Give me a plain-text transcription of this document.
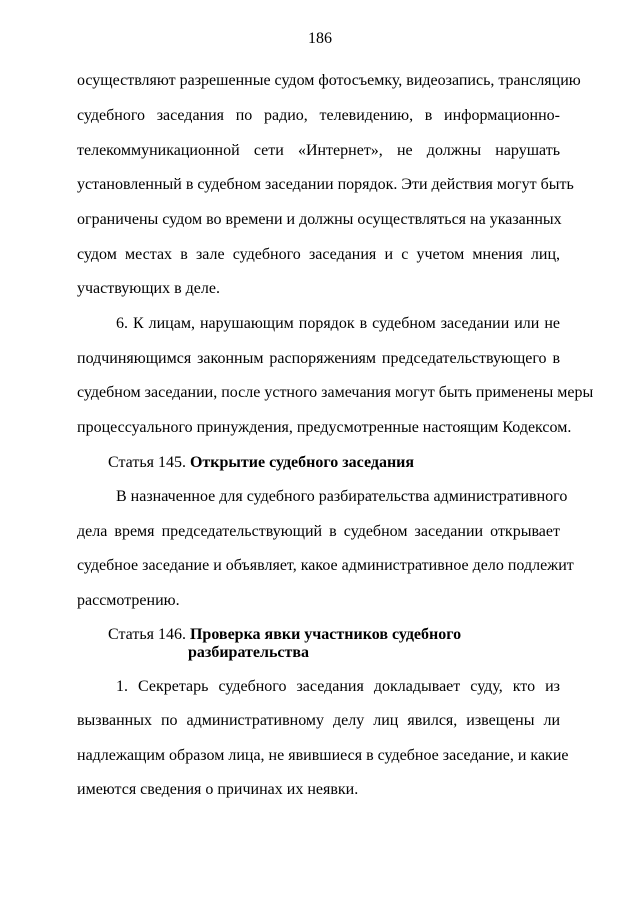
186
осуществляют разрешенные судом фотосъемку, видеозапись, трансляцию
судебного заседания по радио, телевидению, в информационно-
телекоммуникационной сети «Интернет», не должны нарушать
установленный в судебном заседании порядок. Эти действия могут быть
ограничены судом во времени и должны осуществляться на указанных
судом местах в зале судебного заседания и с учетом мнения лиц,
участвующих в деле.
6. К лицам, нарушающим порядок в судебном заседании или не
подчиняющимся законным распоряжениям председательствующего в
судебном заседании, после устного замечания могут быть применены меры
процессуального принуждения, предусмотренные настоящим Кодексом.
Статья 145. Открытие судебного заседания
В назначенное для судебного разбирательства административного
дела время председательствующий в судебном заседании открывает
судебное заседание и объявляет, какое административное дело подлежит
рассмотрению.
Статья 146. Проверка явки участников судебного
разбирательства
1. Секретарь судебного заседания докладывает суду, кто из
вызванных по административному делу лиц явился, извещены ли
надлежащим образом лица, не явившиеся в судебное заседание, и какие
имеются сведения о причинах их неявки.
